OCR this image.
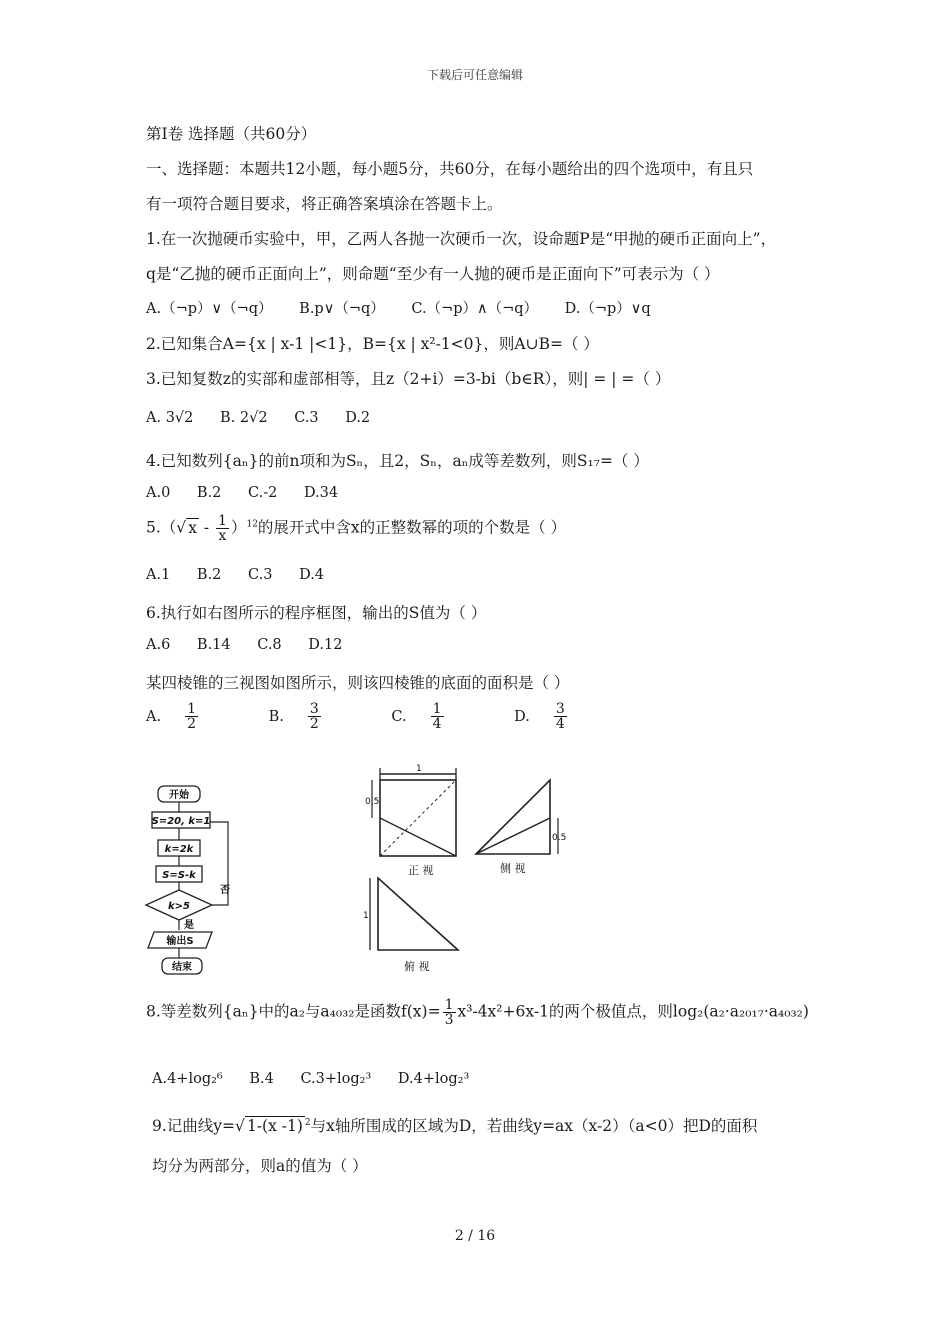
下载后可任意编辑
第Ⅰ卷 选择题（共60分）
一、选择题：本题共12小题，每小题5分，共60分，在每小题给出的四个选项中，有且只
有一项符合题目要求，将正确答案填涂在答题卡上。
1.在一次抛硬币实验中，甲，乙两人各抛一次硬币一次，设命题P是“甲抛的硬币正面向上”，
q是“乙抛的硬币正面向上”，则命题“至少有一人抛的硬币是正面向下”可表示为（ ）
A.（¬p）∨（¬q） B.p∨（¬q） C.（¬p）∧（¬q） D.（¬p）∨q
2.已知集合A={x | x-1 |<1}，B={x | x²-1<0}，则A∪B=（ ）
3.已知复数z的实部和虚部相等，且z（2+i）=3-bi（b∈R），则| = | =（ ）
A. 3√2 B. 2√2 C.3 D.2
4.已知数列{aₙ}的前n项和为Sₙ，且2，Sₙ，aₙ成等差数列，则S₁₇=（ ）
A.0 B.2 C.-2 D.34
5.（√ x - $\frac{1}{x} )^{12}$的展开式中含x的正整数幂的项的个数是（ ）
A.1 B.2 C.3 D.4
6.执行如右图所示的程序框图，输出的S值为（ ）
A.6 B.14 C.8 D.12
某四棱锥的三视图如图所示，则该四棱锥的底面的面积是（ ）
A. $\frac{1}{2}$	B. $\frac{3}{2}$	C. $\frac{1}{4}$	D. $\frac{3}{4}$
开始
S=20, k=1
k=2k
S=S-k
k>5
否
是
输出S
结束
1
0.5
正 视
0.5
侧 视
1
俯 视
8.等差数列{aₙ}中的a₂与a₄₀₃₂是函数$f(x)= \frac{1}{3} x^3-4x^2+6x-1$的两个极值点，则log₂(a₂·a₂₀₁₇·a₄₀₃₂)
A.4+log₂⁶ B.4 C.3+log₂³ D.4+log₂³
9.记曲线y=√ 1-(x -1) $^2$与x轴所围成的区域为D，若曲线y=ax（x-2）（a<0）把D的面积
均分为两部分，则a的值为（ ）
2 / 16
